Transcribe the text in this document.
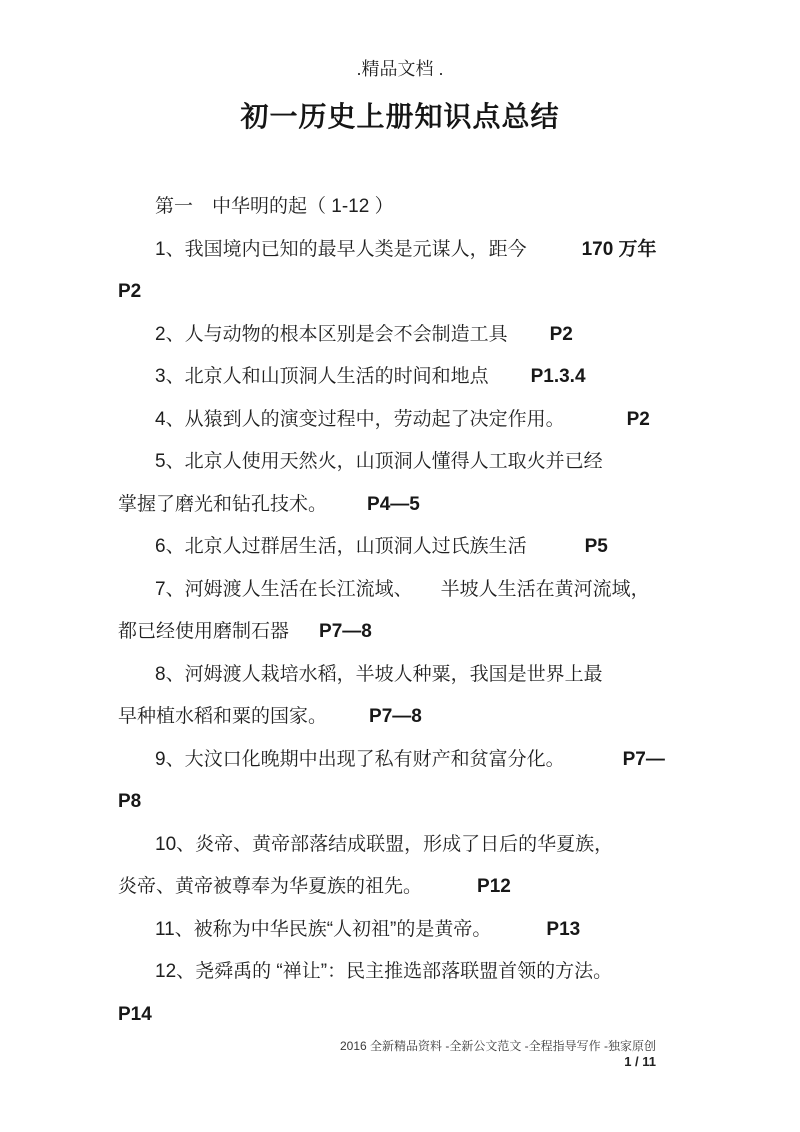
.精品文档 .
初一历史上册知识点总结
第一　中华明的起（ 1-12 ）
1、我国境内已知的最早人类是元谋人，距今	170 万年
P2
2、人与动物的根本区别是会不会制造工具 P2
3、北京人和山顶洞人生活的时间和地点 P1.3.4
4、从猿到人的演变过程中，劳动起了决定作用。	P2
5、北京人使用天然火，山顶洞人懂得人工取火并已经
掌握了磨光和钻孔技术。 P4—5
6、北京人过群居生活，山顶洞人过氏族生活	P5
7、河姆渡人生活在长江流域、 半坡人生活在黄河流域，
都已经使用磨制石器 P7—8
8、河姆渡人栽培水稻，半坡人种粟，我国是世界上最
早种植水稻和粟的国家。 P7—8
9、大汶口化晚期中出现了私有财产和贫富分化。	P7—
P8
10、炎帝、黄帝部落结成联盟，形成了日后的华夏族，
炎帝、黄帝被尊奉为华夏族的祖先。	P12
11、被称为中华民族“人初祖”的是黄帝。	P13
12、尧舜禹的 “禅让”：民主推选部落联盟首领的方法。
P14
2016 全新精品资料 -全新公文范文 -全程指导写作 -独家原创
1 / 11
